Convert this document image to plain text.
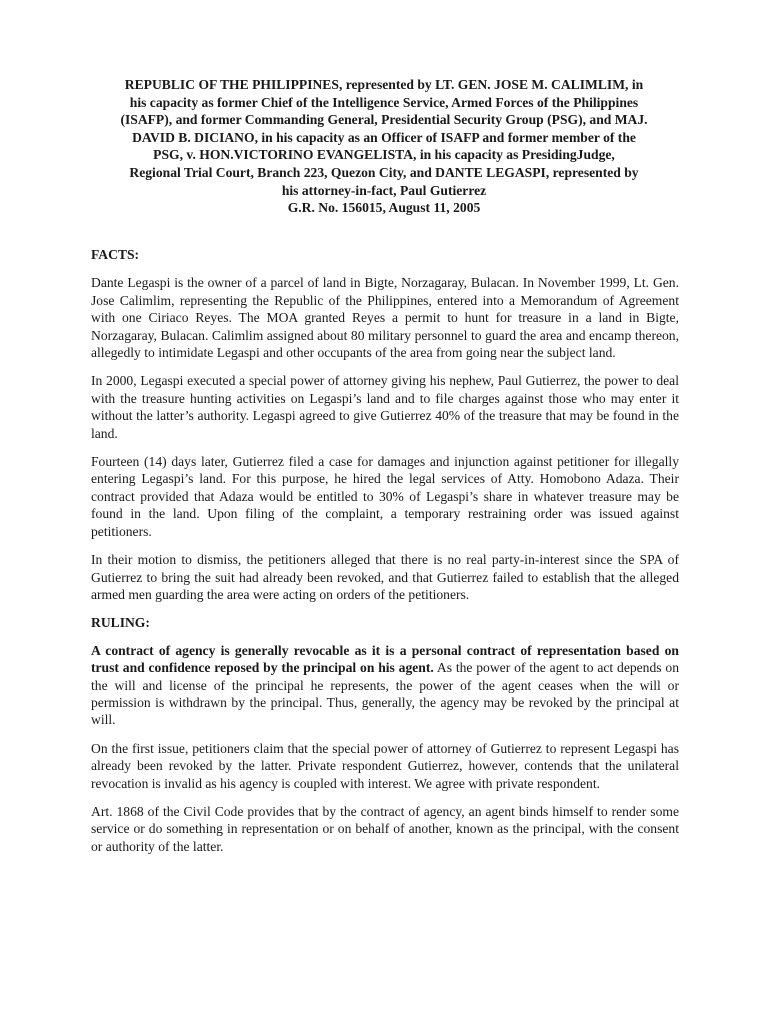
REPUBLIC OF THE PHILIPPINES, represented by LT. GEN. JOSE M. CALIMLIM, in
his capacity as former Chief of the Intelligence Service, Armed Forces of the Philippines
(ISAFP), and former Commanding General, Presidential Security Group (PSG), and MAJ.
DAVID B. DICIANO, in his capacity as an Officer of ISAFP and former member of the
PSG, v. HON.VICTORINO EVANGELISTA, in his capacity as PresidingJudge,
Regional Trial Court, Branch 223, Quezon City, and DANTE LEGASPI, represented by
his attorney-in-fact, Paul Gutierrez
G.R. No. 156015, August 11, 2005
FACTS:

Dante Legaspi is the owner of a parcel of land in Bigte, Norzagaray, Bulacan. In November 1999, Lt. Gen. Jose Calimlim, representing the Republic of the Philippines, entered into a Memorandum of Agreement with one Ciriaco Reyes. The MOA granted Reyes a permit to hunt for treasure in a land in Bigte, Norzagaray, Bulacan. Calimlim assigned about 80 military personnel to guard the area and encamp thereon, allegedly to intimidate Legaspi and other occupants of the area from going near the subject land.

In 2000, Legaspi executed a special power of attorney giving his nephew, Paul Gutierrez, the power to deal with the treasure hunting activities on Legaspi’s land and to file charges against those who may enter it without the latter’s authority. Legaspi agreed to give Gutierrez 40% of the treasure that may be found in the land.

Fourteen (14) days later, Gutierrez filed a case for damages and injunction against petitioner for illegally entering Legaspi’s land. For this purpose, he hired the legal services of Atty. Homobono Adaza. Their contract provided that Adaza would be entitled to 30% of Legaspi’s share in whatever treasure may be found in the land. Upon filing of the complaint, a temporary restraining order was issued against petitioners.

In their motion to dismiss, the petitioners alleged that there is no real party-in-interest since the SPA of Gutierrez to bring the suit had already been revoked, and that Gutierrez failed to establish that the alleged armed men guarding the area were acting on orders of the petitioners.

RULING:

A contract of agency is generally revocable as it is a personal contract of representation based on trust and confidence reposed by the principal on his agent. As the power of the agent to act depends on the will and license of the principal he represents, the power of the agent ceases when the will or permission is withdrawn by the principal. Thus, generally, the agency may be revoked by the principal at will.

On the first issue, petitioners claim that the special power of attorney of Gutierrez to represent Legaspi has already been revoked by the latter. Private respondent Gutierrez, however, contends that the unilateral revocation is invalid as his agency is coupled with interest. We agree with private respondent.

Art. 1868 of the Civil Code provides that by the contract of agency, an agent binds himself to render some service or do something in representation or on behalf of another, known as the principal, with the consent or authority of the latter.
